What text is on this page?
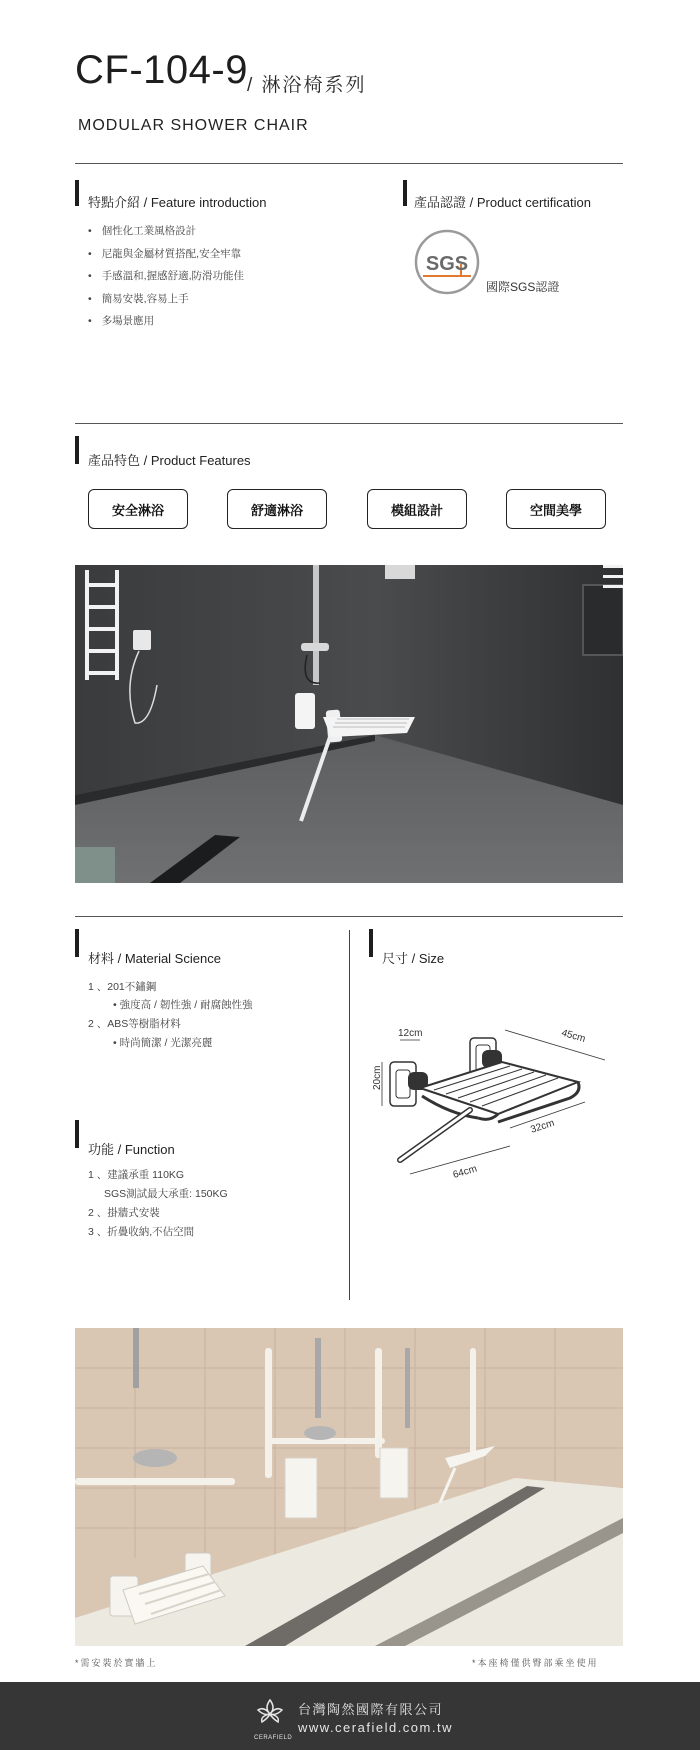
CF-104-9 / 淋浴椅系列
MODULAR SHOWER CHAIR
特點介紹 / Feature introduction
• 個性化工業風格設計
• 尼龍與金屬材質搭配,安全牢靠
• 手感溫和,握感舒適,防滑功能佳
• 簡易安裝,容易上手
• 多場景應用
產品認證 / Product certification
SGS
國際SGS認證
產品特色 / Product Features
安全淋浴	舒適淋浴	模組設計	空間美學
材料 / Material Science
1 、201不鏽鋼
• 強度高 / 韌性強 / 耐腐蝕性強
2 、ABS等樹脂材料
• 時尚簡潔 / 光潔亮麗
功能 / Function
1 、建議承重 110KG
SGS測試最大承重: 150KG
2 、掛牆式安裝
3 、折疊收納,不佔空間
尺寸 / Size
20cm
12cm	45cm
32cm
64cm
*需安裝於實牆上	*本座椅僅供臀部乘坐使用
CERAFIELD
台灣陶然國際有限公司
www.cerafield.com.tw
